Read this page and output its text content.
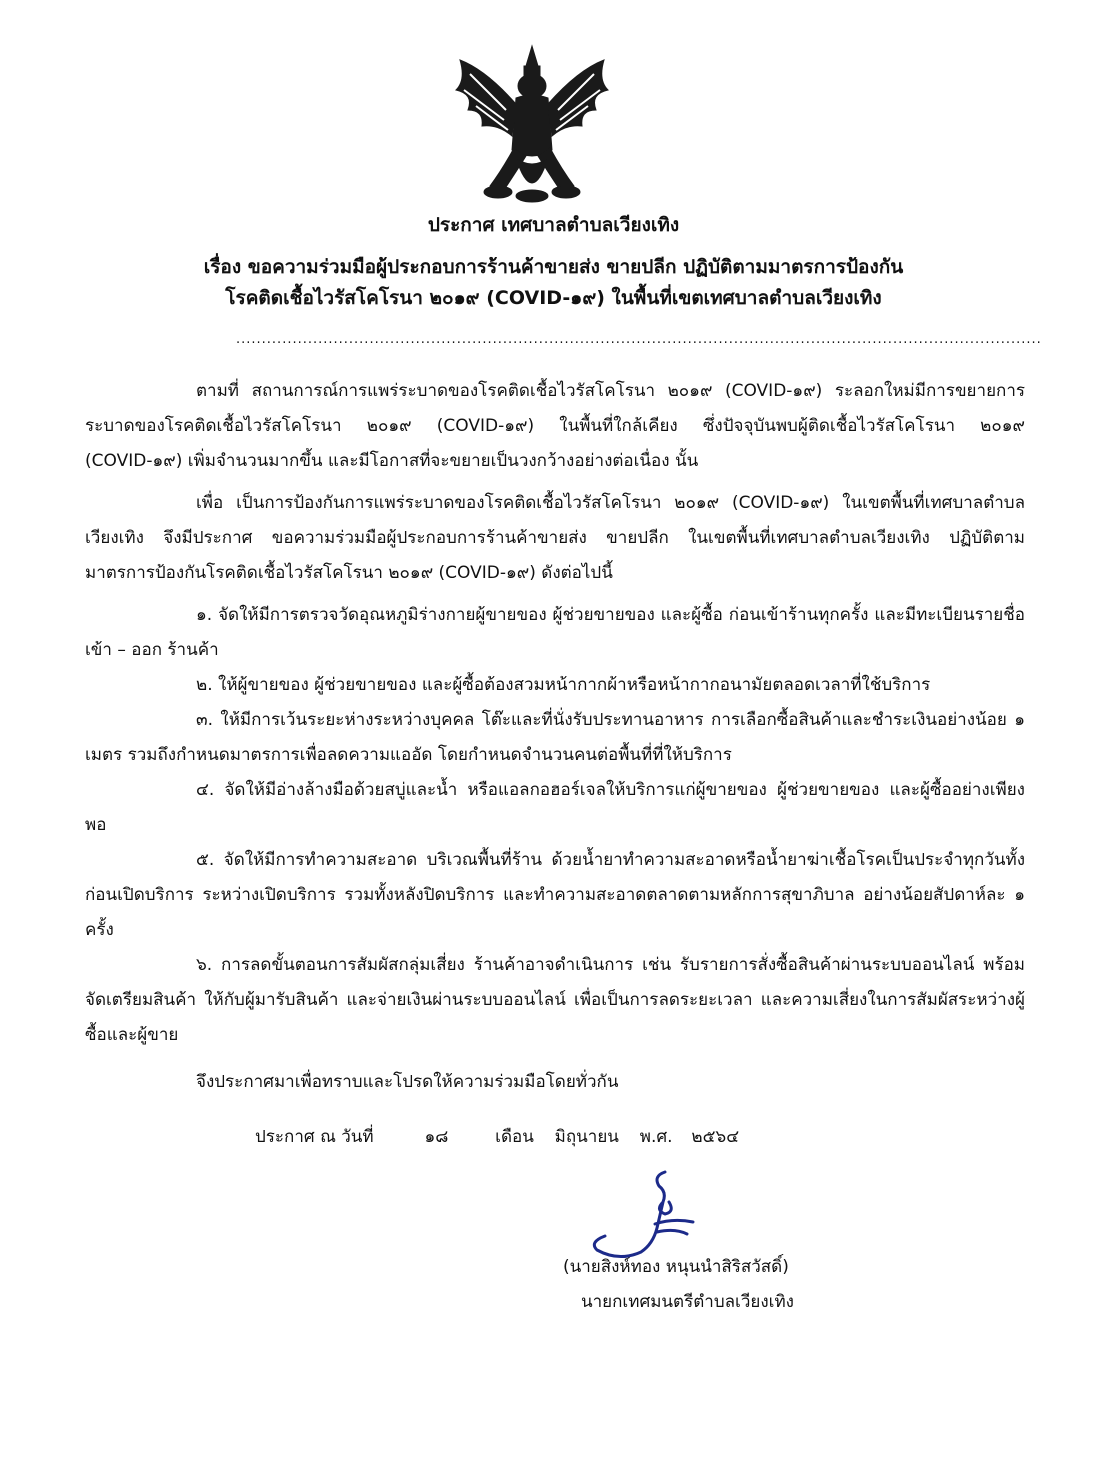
ประกาศ เทศบาลตำบลเวียงเทิง
เรื่อง ขอความร่วมมือผู้ประกอบการร้านค้าขายส่ง ขายปลีก ปฏิบัติตามมาตรการป้องกัน
โรคติดเชื้อไวรัสโคโรนา ๒๐๑๙ (COVID-๑๙) ในพื้นที่เขตเทศบาลตำบลเวียงเทิง
.............................................................................................................................................................

ตามที่ สถานการณ์การแพร่ระบาดของโรคติดเชื้อไวรัสโคโรนา ๒๐๑๙ (COVID-๑๙) ระลอกใหม่มีการขยายการระบาดของโรคติดเชื้อไวรัสโคโรนา ๒๐๑๙ (COVID-๑๙) ในพื้นที่ใกล้เคียง ซึ่งปัจจุบันพบผู้ติดเชื้อไวรัสโคโรนา ๒๐๑๙ (COVID-๑๙) เพิ่มจำนวนมากขึ้น และมีโอกาสที่จะขยายเป็นวงกว้างอย่างต่อเนื่อง นั้น

เพื่อ เป็นการป้องกันการแพร่ระบาดของโรคติดเชื้อไวรัสโคโรนา ๒๐๑๙ (COVID-๑๙) ในเขตพื้นที่เทศบาลตำบลเวียงเทิง จึงมีประกาศ ขอความร่วมมือผู้ประกอบการร้านค้าขายส่ง ขายปลีก ในเขตพื้นที่เทศบาลตำบลเวียงเทิง ปฏิบัติตามมาตรการป้องกันโรคติดเชื้อไวรัสโคโรนา ๒๐๑๙ (COVID-๑๙) ดังต่อไปนี้

๑. จัดให้มีการตรวจวัดอุณหภูมิร่างกายผู้ขายของ ผู้ช่วยขายของ และผู้ซื้อ ก่อนเข้าร้านทุกครั้ง และมีทะเบียนรายชื่อเข้า – ออก ร้านค้า

๒. ให้ผู้ขายของ ผู้ช่วยขายของ และผู้ซื้อต้องสวมหน้ากากผ้าหรือหน้ากากอนามัยตลอดเวลาที่ใช้บริการ

๓. ให้มีการเว้นระยะห่างระหว่างบุคคล โต๊ะและที่นั่งรับประทานอาหาร การเลือกซื้อสินค้าและชำระเงินอย่างน้อย ๑ เมตร รวมถึงกำหนดมาตรการเพื่อลดความแออัด โดยกำหนดจำนวนคนต่อพื้นที่ที่ให้บริการ

๔. จัดให้มีอ่างล้างมือด้วยสบู่และน้ำ หรือแอลกอฮอร์เจลให้บริการแก่ผู้ขายของ ผู้ช่วยขายของ และผู้ซื้ออย่างเพียงพอ

๕. จัดให้มีการทำความสะอาด บริเวณพื้นที่ร้าน ด้วยน้ำยาทำความสะอาดหรือน้ำยาฆ่าเชื้อโรคเป็นประจำทุกวันทั้งก่อนเปิดบริการ ระหว่างเปิดบริการ รวมทั้งหลังปิดบริการ และทำความสะอาดตลาดตามหลักการสุขาภิบาล อย่างน้อยสัปดาห์ละ ๑ ครั้ง

๖. การลดขั้นตอนการสัมผัสกลุ่มเสี่ยง ร้านค้าอาจดำเนินการ เช่น รับรายการสั่งซื้อสินค้าผ่านระบบออนไลน์ พร้อมจัดเตรียมสินค้า ให้กับผู้มารับสินค้า และจ่ายเงินผ่านระบบออนไลน์ เพื่อเป็นการลดระยะเวลา และความเสี่ยงในการสัมผัสระหว่างผู้ซื้อและผู้ขาย

จึงประกาศมาเพื่อทราบและโปรดให้ความร่วมมือโดยทั่วกัน
ประกาศ ณ วันที่	๑๘	เดือน มิถุนายน พ.ศ. ๒๕๖๔
(นายสิงห์ทอง หนุนนำสิริสวัสดิ์)
นายกเทศมนตรีตำบลเวียงเทิง
